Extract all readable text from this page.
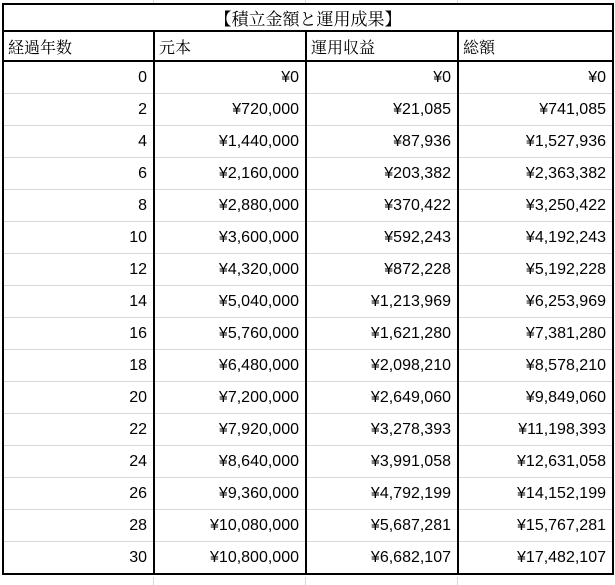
【積立金額と運用成果】			
経過年数	元本	運用収益	総額
0	¥0	¥0	¥0
2	¥720,000	¥21,085	¥741,085
4	¥1,440,000	¥87,936	¥1,527,936
6	¥2,160,000	¥203,382	¥2,363,382
8	¥2,880,000	¥370,422	¥3,250,422
10	¥3,600,000	¥592,243	¥4,192,243
12	¥4,320,000	¥872,228	¥5,192,228
14	¥5,040,000	¥1,213,969	¥6,253,969
16	¥5,760,000	¥1,621,280	¥7,381,280
18	¥6,480,000	¥2,098,210	¥8,578,210
20	¥7,200,000	¥2,649,060	¥9,849,060
22	¥7,920,000	¥3,278,393	¥11,198,393
24	¥8,640,000	¥3,991,058	¥12,631,058
26	¥9,360,000	¥4,792,199	¥14,152,199
28	¥10,080,000	¥5,687,281	¥15,767,281
30	¥10,800,000	¥6,682,107	¥17,482,107
